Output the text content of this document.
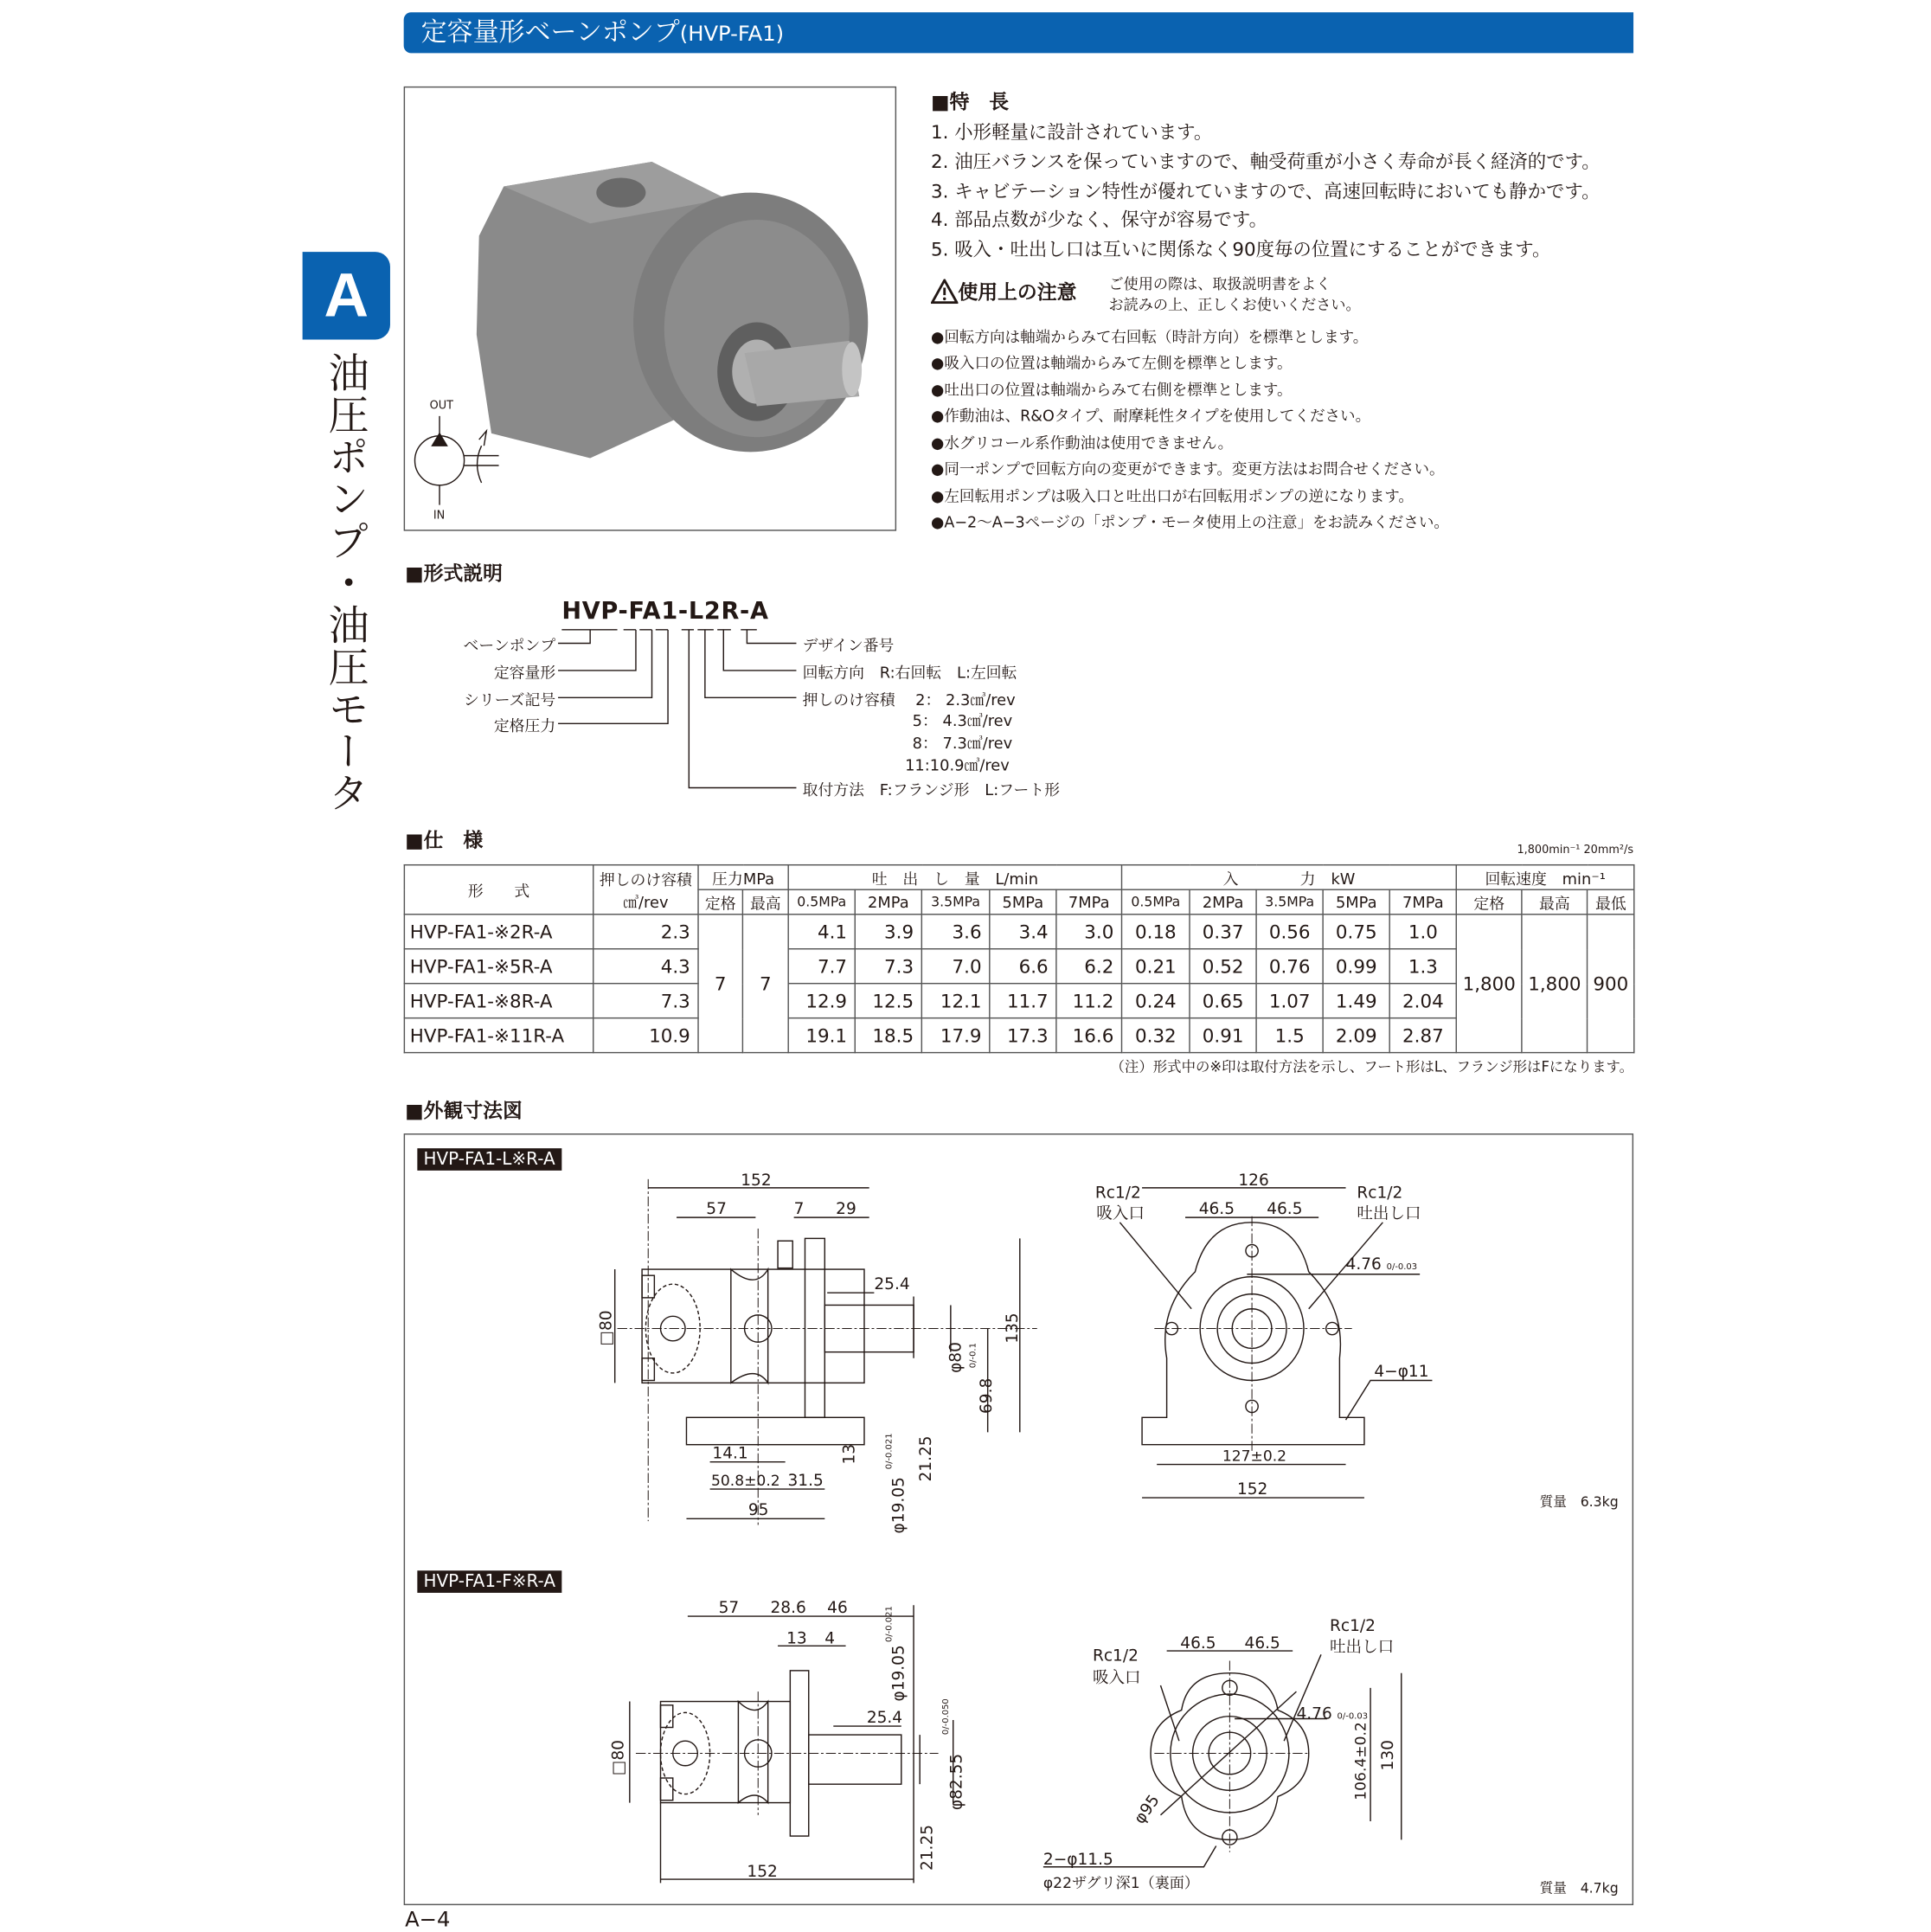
定容量形ベーンポンプ(HVP-FA1)
A
油圧ポンプ・油圧モータ	OUT
IN
■特　長
1. 小形軽量に設計されています。
2. 油圧バランスを保っていますので、軸受荷重が小さく寿命が長く経済的です。
3. キャビテーション特性が優れていますので、高速回転時においても静かです。
4. 部品点数が少なく、保守が容易です。
5. 吸入・吐出し口は互いに関係なく90度毎の位置にすることができます。
使用上の注意	ご使用の際は、取扱説明書をよく
お読みの上、正しくお使いください。
●回転方向は軸端からみて右回転（時計方向）を標準とします。
●吸入口の位置は軸端からみて左側を標準とします。
●吐出口の位置は軸端からみて右側を標準とします。
●作動油は、R&Oタイプ、耐摩耗性タイプを使用してください。
●水グリコール系作動油は使用できません。
●同一ポンプで回転方向の変更ができます。変更方法はお問合せください。
●左回転用ポンプは吸入口と吐出口が右回転用ポンプの逆になります。
●A−2〜A−3ページの「ポンプ・モータ使用上の注意」をお読みください。
■形式説明
HVP-FA1-L2R-A
ベーンポンプ
定容量形
シリーズ記号
定格圧力
デザイン番号
回転方向　R:右回転　L:左回転
押しのけ容積　 2： 2.3㎤/rev
5： 4.3㎤/rev
8： 7.3㎤/rev
11:10.9㎤/rev
取付方法　F:フランジ形　L:フート形
■仕　様	1,800min⁻¹ 20mm²/s
形　　式	押しのけ容積
㎤/rev	圧力MPa		吐　出　し　量　L/min					入　　　　力　kW					回転速度　min⁻¹		
		定格	最高	0.5MPa	2MPa	3.5MPa	5MPa	7MPa	0.5MPa	2MPa	3.5MPa	5MPa	7MPa	定格	最高	最低
HVP-FA1-※2R-A	2.3	7	7	4.1	3.9	3.6	3.4	3.0	0.18	0.37	0.56	0.75	1.0	1,800	1,800	900
HVP-FA1-※5R-A	4.3			7.7	7.3	7.0	6.6	6.2	0.21	0.52	0.76	0.99	1.3			
HVP-FA1-※8R-A	7.3			12.9	12.5	12.1	11.7	11.2	0.24	0.65	1.07	1.49	2.04			
HVP-FA1-※11R-A	10.9			19.1	18.5	17.9	17.3	16.6	0.32	0.91	1.5	2.09	2.87			
（注）形式中の※印は取付方法を示し、フート形はL、フランジ形はFになります。
■外観寸法図
HVP-FA1-L※R-A
HVP-FA1-F※R-A
質量　6.3kg
質量　4.7kg
152
57	7	29
25.4
□80
φ80
69.8
0/-0.1
135
14.1
50.8±0.2 31.5
95
13
φ19.05
0/-0.021 21.25
126
Rc1/2
吸入口
Rc1/2
吐出し口
46.5	46.5
4.76 0/-0.03
4−φ11
127±0.2
152
57	28.6 46
13 4
φ19.05
0/-0.021
25.4
□80	φ82.55
0/-0.050
21.25
152
Rc1/2
吐出し口
Rc1/2
吸入口
46.5	46.5
4.76 0/-0.03
106.4±0.2 130
φ95
2−φ11.5
φ22ザグリ深1（裏面）
A−4
